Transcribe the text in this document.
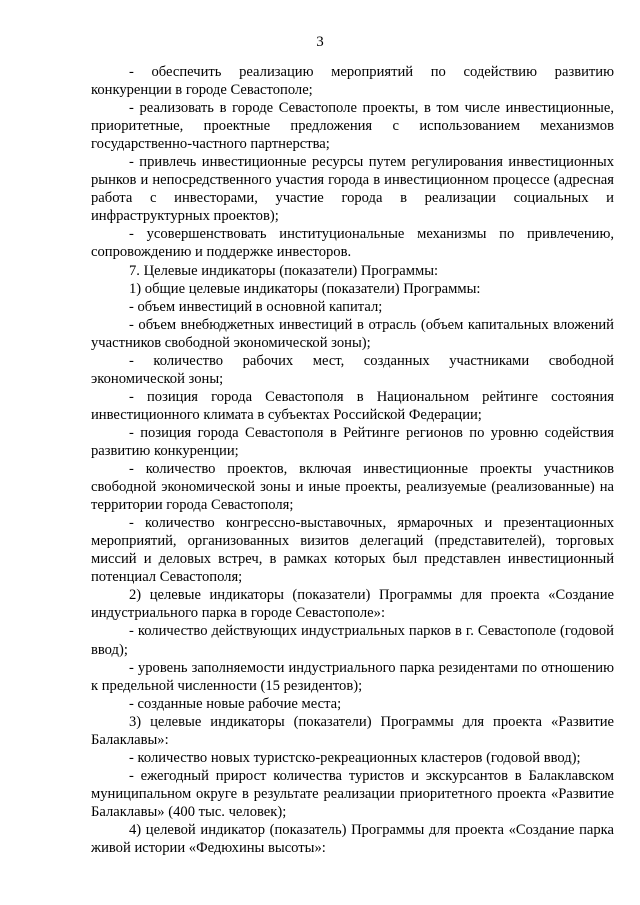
3

- обеспечить реализацию мероприятий по содействию развитию конкуренции в городе Севастополе;

- реализовать в городе Севастополе проекты, в том числе инвестиционные, приоритетные, проектные предложения с использованием механизмов государственно-частного партнерства;

- привлечь инвестиционные ресурсы путем регулирования инвестиционных рынков и непосредственного участия города в инвестиционном процессе (адресная работа с инвесторами, участие города в реализации социальных и инфраструктурных проектов);

- усовершенствовать институциональные механизмы по привлечению, сопровождению и поддержке инвесторов.

7. Целевые индикаторы (показатели) Программы:

1) общие целевые индикаторы (показатели) Программы:

- объем инвестиций в основной капитал;

- объем внебюджетных инвестиций в отрасль (объем капитальных вложений участников свободной экономической зоны);

- количество рабочих мест, созданных участниками свободной экономической зоны;

- позиция города Севастополя в Национальном рейтинге состояния инвестиционного климата в субъектах Российской Федерации;

- позиция города Севастополя в Рейтинге регионов по уровню содействия развитию конкуренции;

- количество проектов, включая инвестиционные проекты участников свободной экономической зоны и иные проекты, реализуемые (реализованные) на территории города Севастополя;

- количество конгрессно-выставочных, ярмарочных и презентационных мероприятий, организованных визитов делегаций (представителей), торговых миссий и деловых встреч, в рамках которых был представлен инвестиционный потенциал Севастополя;

2) целевые индикаторы (показатели) Программы для проекта «Создание индустриального парка в городе Севастополе»:

- количество действующих индустриальных парков в г. Севастополе (годовой ввод);

- уровень заполняемости индустриального парка резидентами по отношению к предельной численности (15 резидентов);

- созданные новые рабочие места;

3) целевые индикаторы (показатели) Программы для проекта «Развитие Балаклавы»:

- количество новых туристско-рекреационных кластеров (годовой ввод);

- ежегодный прирост количества туристов и экскурсантов в Балаклавском муниципальном округе в результате реализации приоритетного проекта «Развитие Балаклавы» (400 тыс. человек);

4) целевой индикатор (показатель) Программы для проекта «Создание парка живой истории «Федюхины высоты»:
